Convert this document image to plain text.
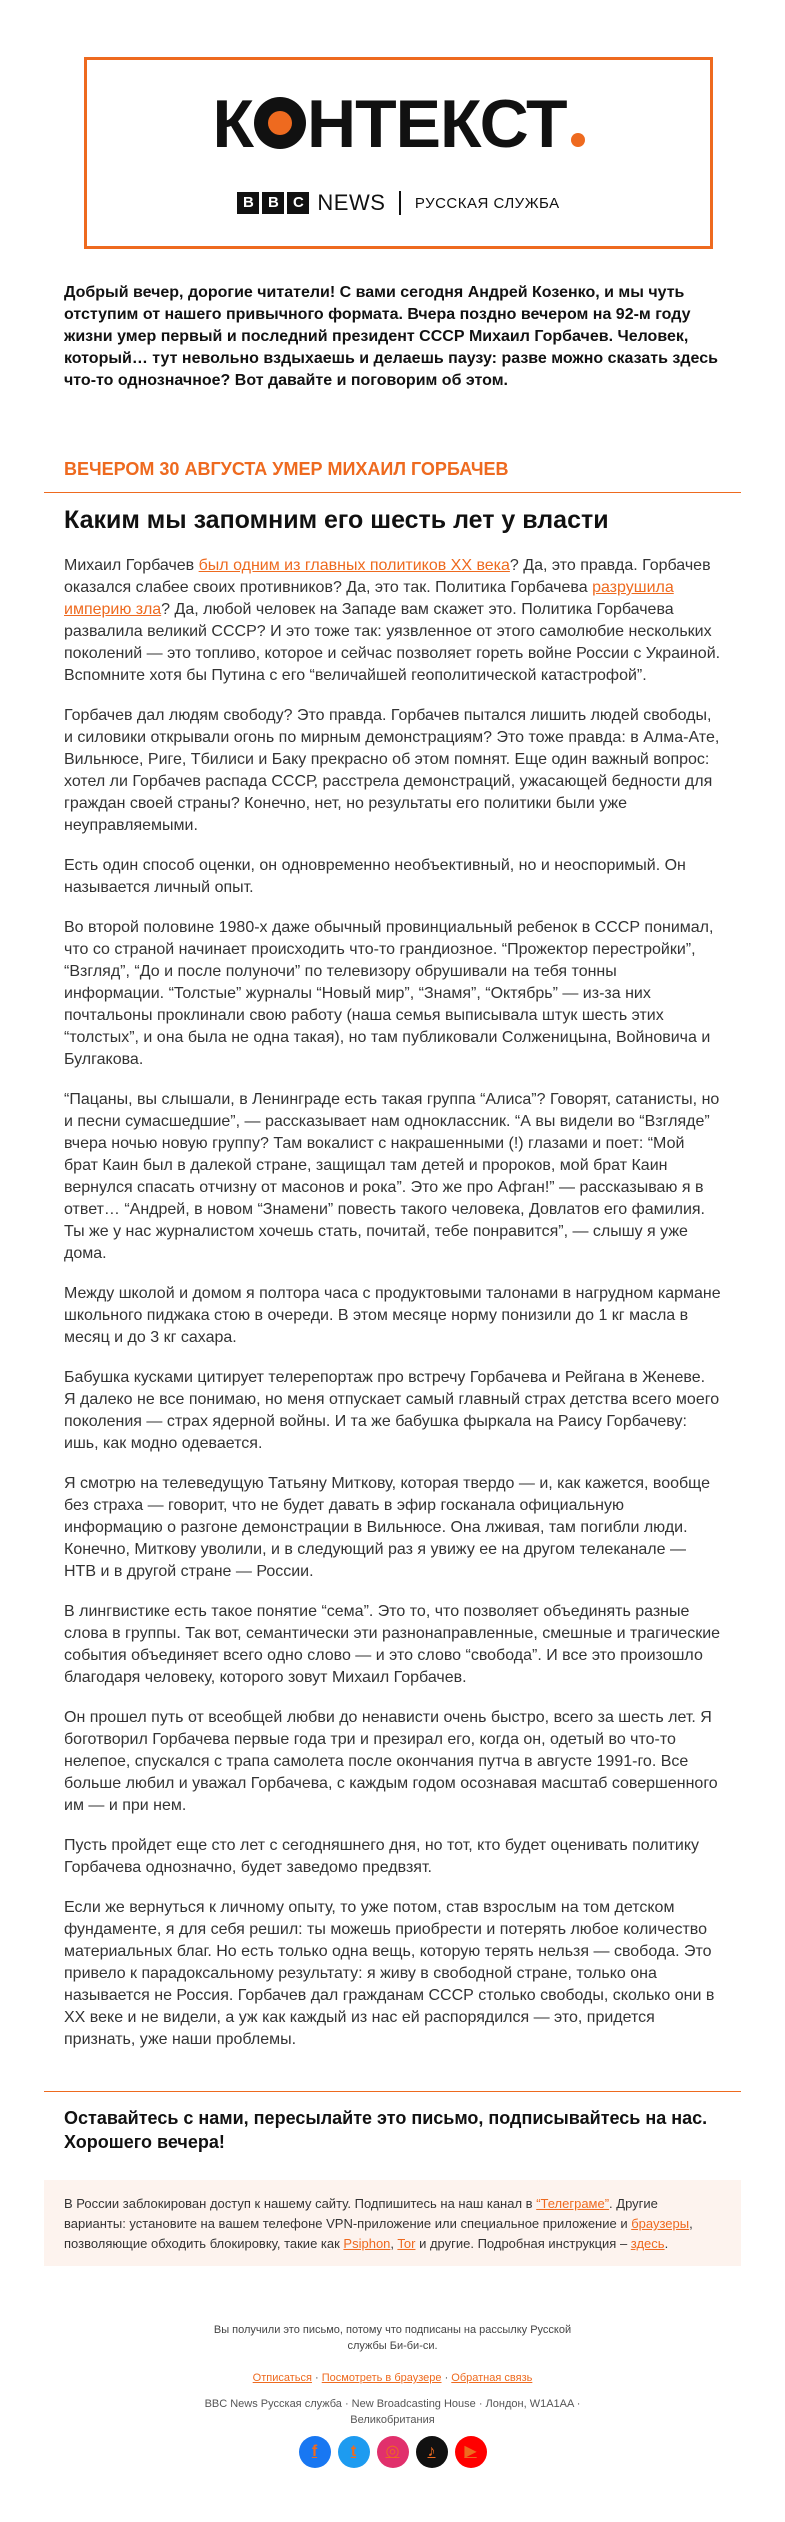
К НТЕКСТ
B B C NEWS РУССКАЯ СЛУЖБА

Добрый вечер, дорогие читатели! С вами сегодня Андрей Козенко, и мы чуть отступим от нашего привычного формата. Вчера поздно вечером на 92-м году жизни умер первый и последний президент СССР Михаил Горбачев. Человек, который… тут невольно вздыхаешь и делаешь паузу: разве можно сказать здесь что-то однозначное? Вот давайте и поговорим об этом.

ВЕЧЕРОМ 30 АВГУСТА УМЕР МИХАИЛ ГОРБАЧЕВ
Каким мы запомним его шесть лет у власти

Михаил Горбачев был одним из главных политиков XX века? Да, это правда. Горбачев оказался слабее своих противников? Да, это так. Политика Горбачева разрушила империю зла? Да, любой человек на Западе вам скажет это. Политика Горбачева развалила великий СССР? И это тоже так: уязвленное от этого самолюбие нескольких поколений — это топливо, которое и сейчас позволяет гореть войне России с Украиной. Вспомните хотя бы Путина с его “величайшей геополитической катастрофой”.

Горбачев дал людям свободу? Это правда. Горбачев пытался лишить людей свободы, и силовики открывали огонь по мирным демонстрациям? Это тоже правда: в Алма-Ате, Вильнюсе, Риге, Тбилиси и Баку прекрасно об этом помнят. Еще один важный вопрос: хотел ли Горбачев распада СССР, расстрела демонстраций, ужасающей бедности для граждан своей страны? Конечно, нет, но результаты его политики были уже неуправляемыми.

Есть один способ оценки, он одновременно необъективный, но и неоспоримый. Он называется личный опыт.

Во второй половине 1980-х даже обычный провинциальный ребенок в СССР понимал, что со страной начинает происходить что-то грандиозное. “Прожектор перестройки”, “Взгляд”, “До и после полуночи” по телевизору обрушивали на тебя тонны информации. “Толстые” журналы “Новый мир”, “Знамя”, “Октябрь” — из-за них почтальоны проклинали свою работу (наша семья выписывала штук шесть этих “толстых”, и она была не одна такая), но там публиковали Солженицына, Войновича и Булгакова.

“Пацаны, вы слышали, в Ленинграде есть такая группа “Алиса”? Говорят, сатанисты, но и песни сумасшедшие”, — рассказывает нам одноклассник. “А вы видели во “Взгляде” вчера ночью новую группу? Там вокалист с накрашенными (!) глазами и поет: “Мой брат Каин был в далекой стране, защищал там детей и пророков, мой брат Каин вернулся спасать отчизну от масонов и рока”. Это же про Афган!” — рассказываю я в ответ… “Андрей, в новом “Знамени” повесть такого человека, Довлатов его фамилия. Ты же у нас журналистом хочешь стать, почитай, тебе понравится”, — слышу я уже дома.

Между школой и домом я полтора часа с продуктовыми талонами в нагрудном кармане школьного пиджака стою в очереди. В этом месяце норму понизили до 1 кг масла в месяц и до 3 кг сахара.

Бабушка кусками цитирует телерепортаж про встречу Горбачева и Рейгана в Женеве. Я далеко не все понимаю, но меня отпускает самый главный страх детства всего моего поколения — страх ядерной войны. И та же бабушка фыркала на Раису Горбачеву: ишь, как модно одевается.

Я смотрю на телеведущую Татьяну Миткову, которая твердо — и, как кажется, вообще без страха — говорит, что не будет давать в эфир госканала официальную информацию о разгоне демонстрации в Вильнюсе. Она лживая, там погибли люди. Конечно, Миткову уволили, и в следующий раз я увижу ее на другом телеканале — НТВ и в другой стране — России.

В лингвистике есть такое понятие “сема”. Это то, что позволяет объединять разные слова в группы. Так вот, семантически эти разнонаправленные, смешные и трагические события объединяет всего одно слово — и это слово “свобода”. И все это произошло благодаря человеку, которого зовут Михаил Горбачев.

Он прошел путь от всеобщей любви до ненависти очень быстро, всего за шесть лет. Я боготворил Горбачева первые года три и презирал его, когда он, одетый во что-то нелепое, спускался с трапа самолета после окончания путча в августе 1991-го. Все больше любил и уважал Горбачева, с каждым годом осознавая масштаб совершенного им — и при нем.

Пусть пройдет еще сто лет с сегодняшнего дня, но тот, кто будет оценивать политику Горбачева однозначно, будет заведомо предвзят.

Если же вернуться к личному опыту, то уже потом, став взрослым на том детском фундаменте, я для себя решил: ты можешь приобрести и потерять любое количество материальных благ. Но есть только одна вещь, которую терять нельзя — свобода. Это привело к парадоксальному результату: я живу в свободной стране, только она называется не Россия. Горбачев дал гражданам СССР столько свободы, сколько они в XX веке и не видели, а уж как каждый из нас ей распорядился — это, придется признать, уже наши проблемы.

Оставайтесь с нами, пересылайте это письмо, подписывайтесь на нас. Хорошего вечера!

В России заблокирован доступ к нашему сайту. Подпишитесь на наш канал в “Телеграме”. Другие варианты: установите на вашем телефоне VPN-приложение или специальное приложение и браузеры, позволяющие обходить блокировку, такие как Psiphon, Tor и другие. Подробная инструкция – здесь.

Вы получили это письмо, потому что подписаны на рассылку Русской службы Би-би-си.

Отписаться · Посмотреть в браузере · Обратная связь

BBC News Русская служба · New Broadcasting House · Лондон, W1A1AA · Великобритания

f t ◎ ♪ ▶
